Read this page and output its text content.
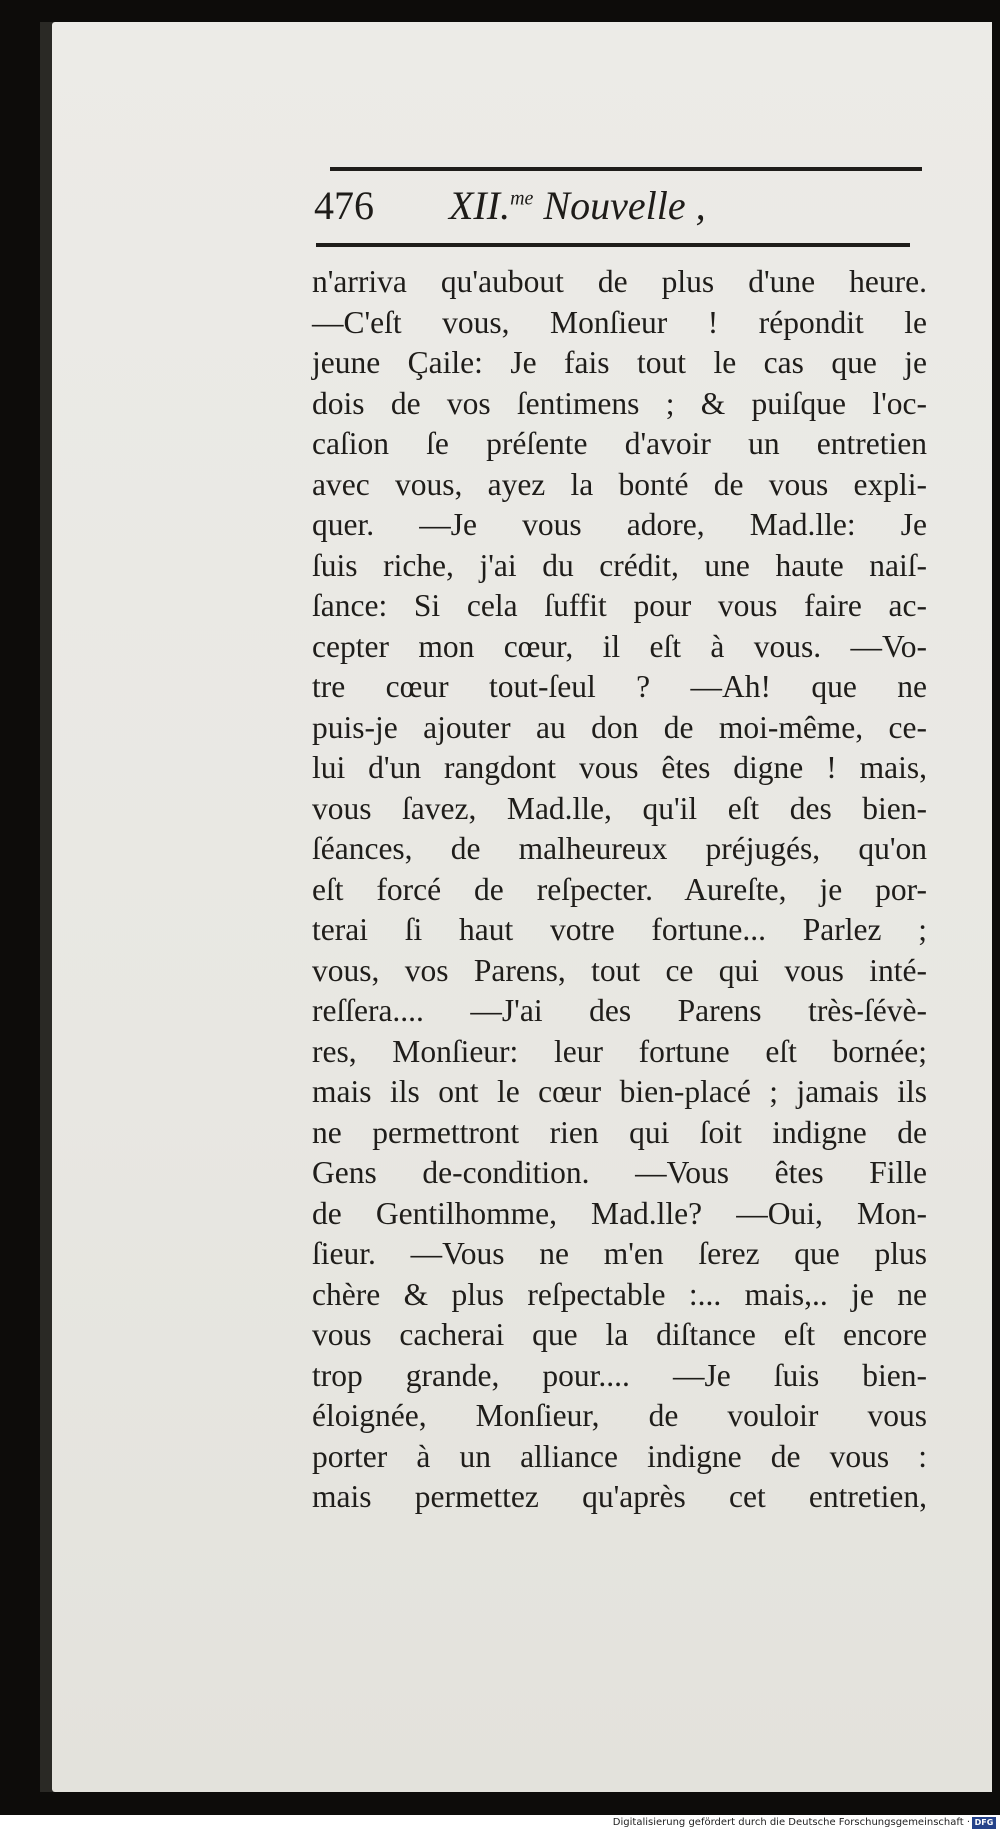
476 XII.$^{me}$ Nouvelle ,
n'arriva qu'aubout de plus d'une heure.
—C'eſt vous, Monſieur ! répondit le
jeune Çaile: Je fais tout le cas que je
dois de vos ſentimens ; & puiſque l'oc-
caſion ſe préſente d'avoir un entretien
avec vous, ayez la bonté de vous expli-
quer. —Je vous adore, Mad.lle: Je
ſuis riche, j'ai du crédit, une haute naiſ-
ſance: Si cela ſuffit pour vous faire ac-
cepter mon cœur, il eſt à vous. —Vo-
tre cœur tout-ſeul ? —Ah! que ne
puis-je ajouter au don de moi-même, ce-
lui d'un rangdont vous êtes digne ! mais,
vous ſavez, Mad.lle, qu'il eſt des bien-
ſéances, de malheureux préjugés, qu'on
eſt forcé de reſpecter. Aureſte, je por-
terai ſi haut votre fortune... Parlez ;
vous, vos Parens, tout ce qui vous inté-
reſſera.... —J'ai des Parens très-ſévè-
res, Monſieur: leur fortune eſt bornée;
mais ils ont le cœur bien-placé ; jamais ils
ne permettront rien qui ſoit indigne de
Gens de-condition. —Vous êtes Fille
de Gentilhomme, Mad.lle? —Oui, Mon-
ſieur. —Vous ne m'en ſerez que plus
chère & plus reſpectable :... mais,.. je ne
vous cacherai que la diſtance eſt encore
trop grande, pour.... —Je ſuis bien-
éloignée, Monſieur, de vouloir vous
porter à un alliance indigne de vous :
mais permettez qu'après cet entretien,
Digitalisierung gefördert durch die Deutsche Forschungsgemeinschaft · DFG
